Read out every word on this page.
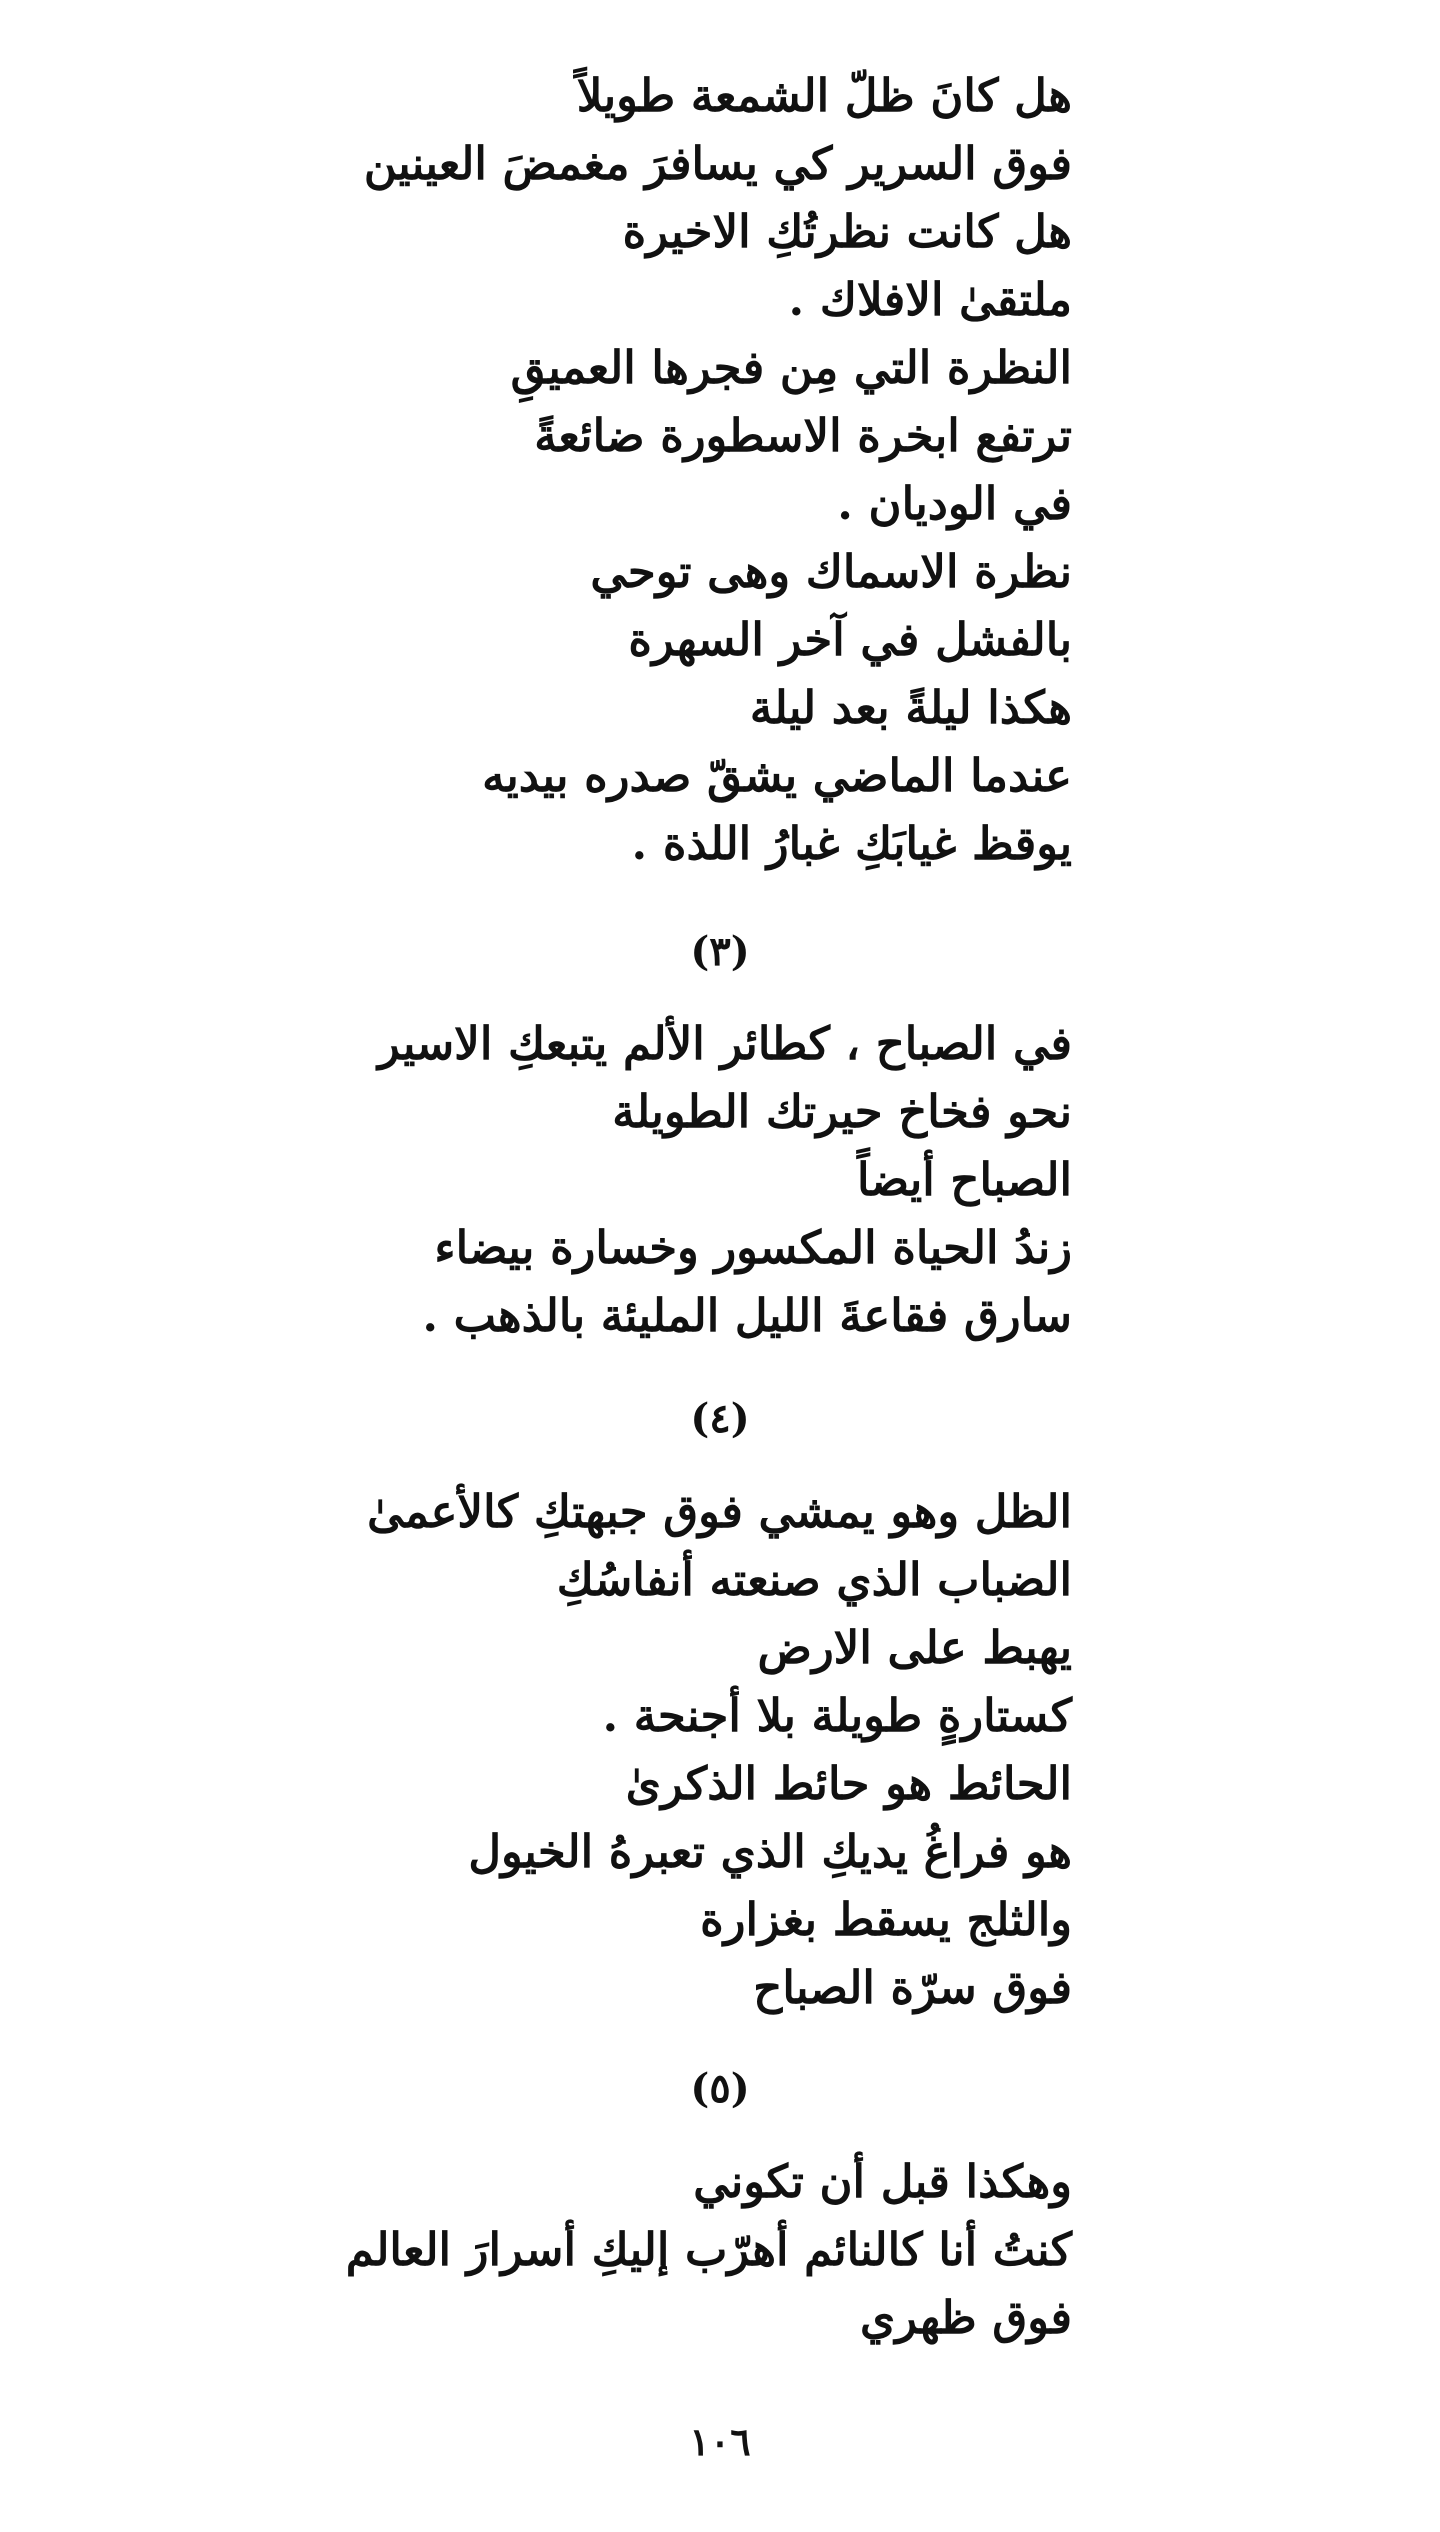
هل كانَ ظلّ الشمعة طويلاً
فوق السرير كي يسافرَ مغمضَ العينين
هل كانت نظرتُكِ الاخيرة
ملتقىٰ الافلاك .
النظرة التي مِن فجرها العميقِ
ترتفع ابخرة الاسطورة ضائعةً
في الوديان .
نظرة الاسماك وهى توحي
بالفشل في آخر السهرة
هكذا ليلةً بعد ليلة
عندما الماضي يشقّ صدره بيديه
يوقظ غيابَكِ غبارُ اللذة .
(٣)
في الصباح ، كطائر الألم يتبعكِ الاسير
نحو فخاخ حيرتك الطويلة
الصباح أيضاً
زندُ الحياة المكسور وخسارة بيضاء
سارق فقاعةَ الليل المليئة بالذهب .
(٤)
الظل وهو يمشي فوق جبهتكِ كالأعمىٰ
الضباب الذي صنعته أنفاسُكِ
يهبط على الارض
كستارةٍ طويلة بلا أجنحة .
الحائط هو حائط الذكرىٰ
هو فراغُ يديكِ الذي تعبرهُ الخيول
والثلج يسقط بغزارة
فوق سرّة الصباح
(٥)
وهكذا قبل أن تكوني
كنتُ أنا كالنائم أهرّب إليكِ أسرارَ العالم
فوق ظهري
١٠٦
